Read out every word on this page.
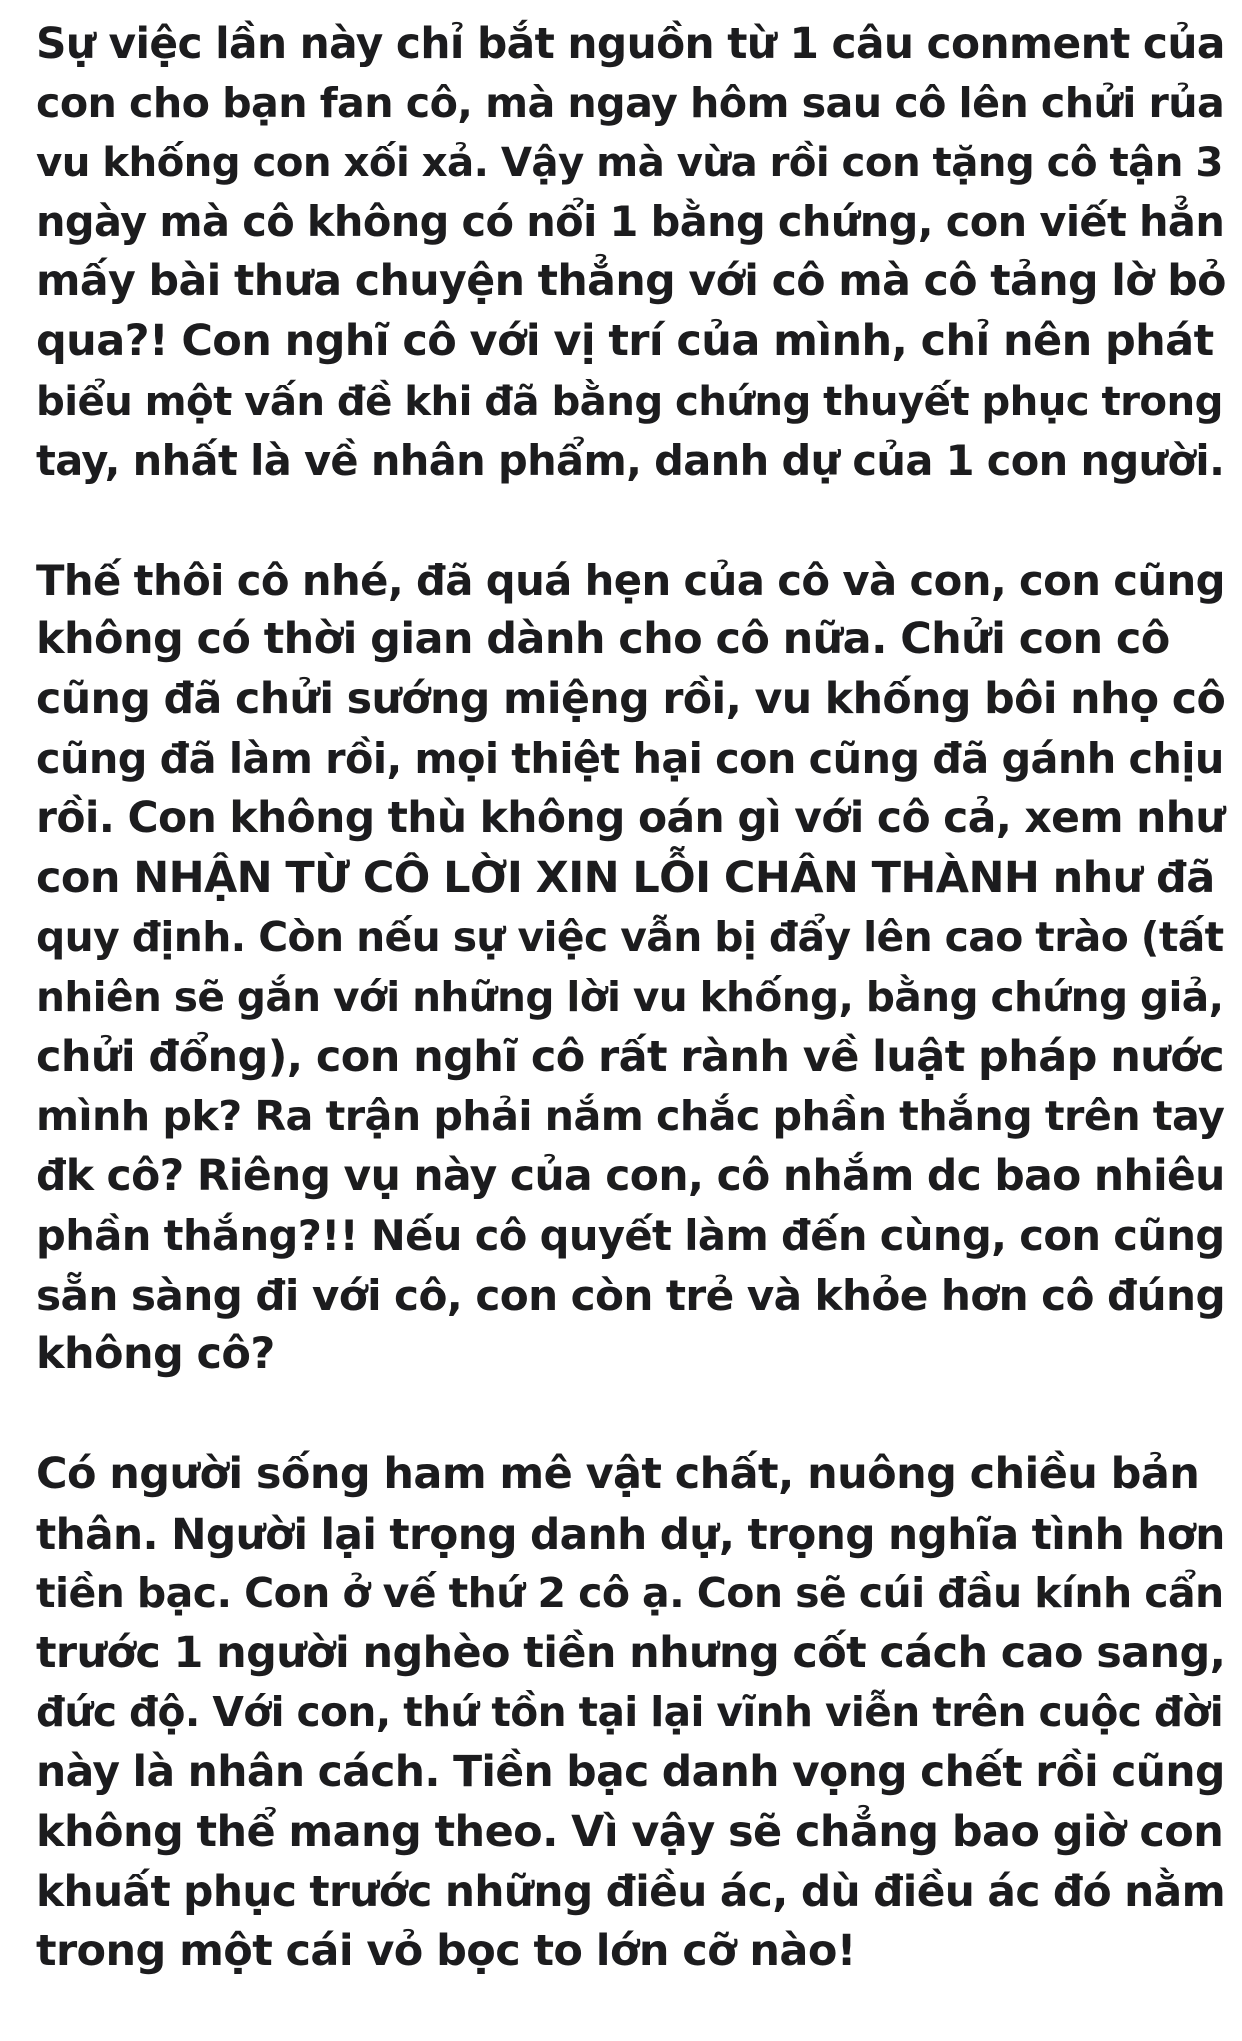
Sự việc lần này chỉ bắt nguồn từ 1 câu conment của
con cho bạn fan cô, mà ngay hôm sau cô lên chửi rủa
vu khống con xối xả. Vậy mà vừa rồi con tặng cô tận 3
ngày mà cô không có nổi 1 bằng chứng, con viết hẳn
mấy bài thưa chuyện thẳng với cô mà cô tảng lờ bỏ
qua?! Con nghĩ cô với vị trí của mình, chỉ nên phát
biểu một vấn đề khi đã bằng chứng thuyết phục trong
tay, nhất là về nhân phẩm, danh dự của 1 con người.
Thế thôi cô nhé, đã quá hẹn của cô và con, con cũng
không có thời gian dành cho cô nữa. Chửi con cô
cũng đã chửi sướng miệng rồi, vu khống bôi nhọ cô
cũng đã làm rồi, mọi thiệt hại con cũng đã gánh chịu
rồi. Con không thù không oán gì với cô cả, xem như
con NHẬN TỪ CÔ LỜI XIN LỖI CHÂN THÀNH như đã
quy định. Còn nếu sự việc vẫn bị đẩy lên cao trào (tất
nhiên sẽ gắn với những lời vu khống, bằng chứng giả,
chửi đổng), con nghĩ cô rất rành về luật pháp nước
mình pk? Ra trận phải nắm chắc phần thắng trên tay
đk cô? Riêng vụ này của con, cô nhắm dc bao nhiêu
phần thắng?!! Nếu cô quyết làm đến cùng, con cũng
sẵn sàng đi với cô, con còn trẻ và khỏe hơn cô đúng
không cô?
Có người sống ham mê vật chất, nuông chiều bản
thân. Người lại trọng danh dự, trọng nghĩa tình hơn
tiền bạc. Con ở vế thứ 2 cô ạ. Con sẽ cúi đầu kính cẩn
trước 1 người nghèo tiền nhưng cốt cách cao sang,
đức độ. Với con, thứ tồn tại lại vĩnh viễn trên cuộc đời
này là nhân cách. Tiền bạc danh vọng chết rồi cũng
không thể mang theo. Vì vậy sẽ chẳng bao giờ con
khuất phục trước những điều ác, dù điều ác đó nằm
trong một cái vỏ bọc to lớn cỡ nào!
